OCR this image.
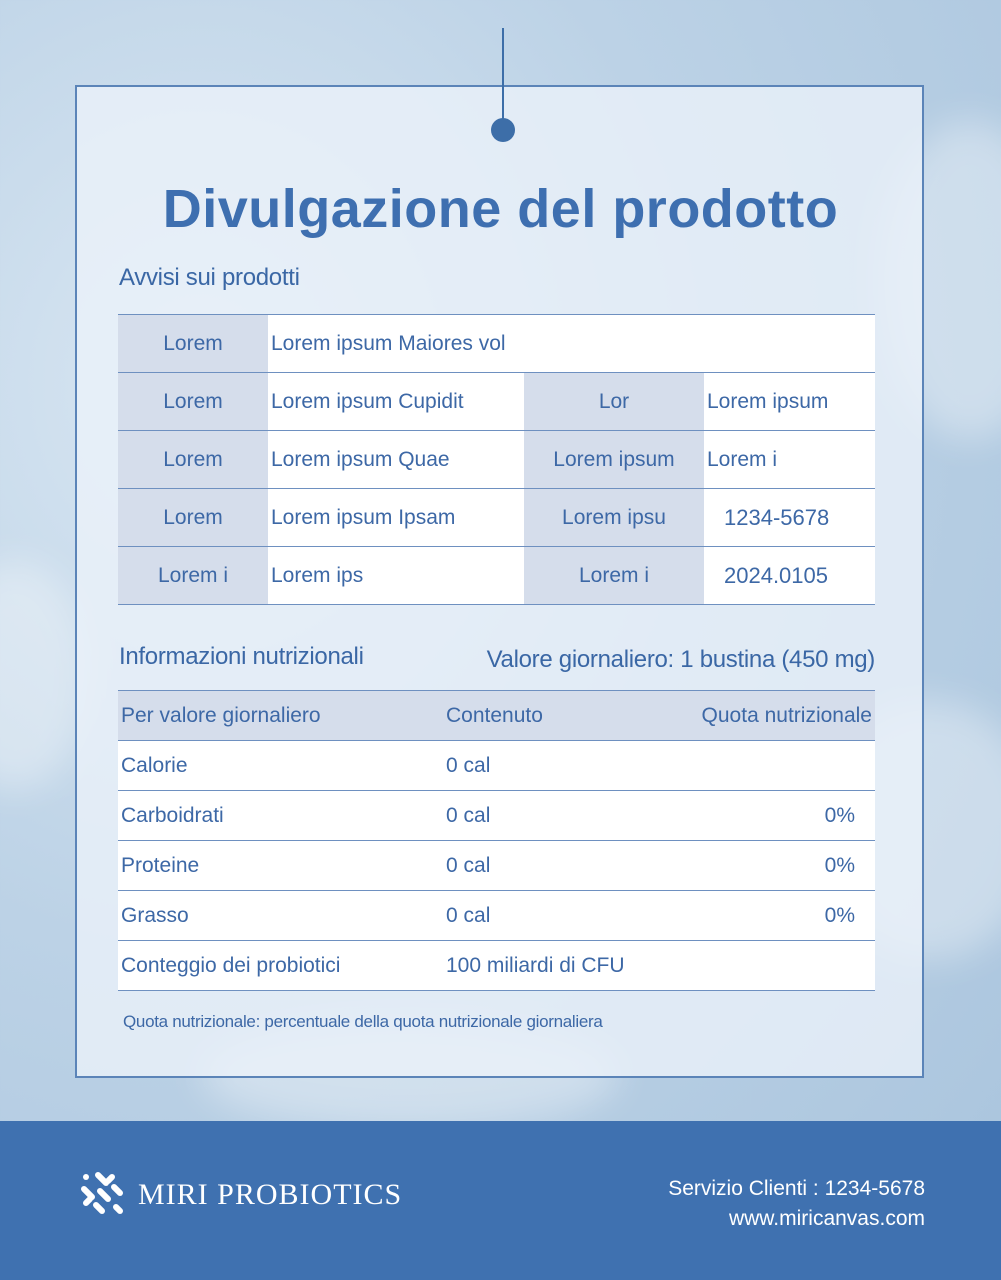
Divulgazione del prodotto
Avvisi sui prodotti
Lorem	Lorem ipsum Maiores vol		
Lorem	Lorem ipsum Cupidit	Lor	Lorem ipsum
Lorem	Lorem ipsum Quae	Lorem ipsum	Lorem i
Lorem	Lorem ipsum Ipsam	Lorem ipsu	1234-5678
Lorem i	Lorem ips	Lorem i	2024.0105
Informazioni nutrizionali	Valore giornaliero: 1 bustina (450 mg)
Per valore giornaliero	Contenuto	Quota nutrizionale
Calorie	0 cal	
Carboidrati	0 cal	0%
Proteine	0 cal	0%
Grasso	0 cal	0%
Conteggio dei probiotici	100 miliardi di CFU	
Quota nutrizionale: percentuale della quota nutrizionale giornaliera
MIRI PROBIOTICS	Servizio Clienti : 1234-5678
www.miricanvas.com
